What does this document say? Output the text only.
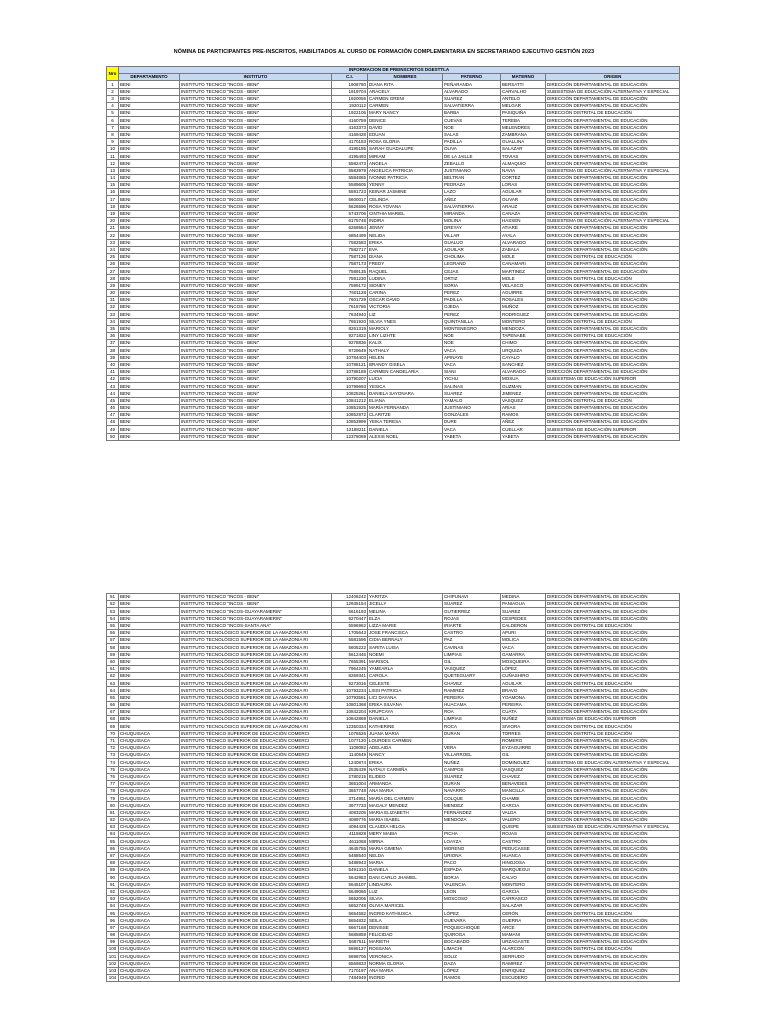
NÓMINA DE PARTICIPANTES PRE-INSCRITOS, HABILITADOS AL CURSO DE FORMACIÓN COMPLEMENTARIA EN SECRETARIADO EJECUTIVO GESTIÓN 2023
Nro	INFORMACION DE PREINSCRITOS DGESTTLA						
	DEPARTAMENTO	INSTITUTO	C.I.	NOMBRES	PATERNO	MATERNO	ORIGEN
1	BENI	INSTITUTO TECNICO "INCOS - BENI"	1908780	DIANA RITA	PEÑARANDA	BERSATTI	DIRECCIÓN DEPARTAMENTAL DE EDUCACIÓN
2	BENI	INSTITUTO TECNICO "INCOS - BENI"	1919704	ARACELY	ALVARADO	CARVALHO	SUBSISTEMA DE EDUCACIÓN ALTERNATIVA Y ESPECIAL
3	BENI	INSTITUTO TECNICO "INCOS - BENI"	1920055	CARMEN GRENI	SUAREZ	ANTELO	DIRECCIÓN DEPARTAMENTAL DE EDUCACIÓN
4	BENI	INSTITUTO TECNICO "INCOS - BENI"	1920112	CARMEN	SALVATIERRA	MELGAR	DIRECCIÓN DEPARTAMENTAL DE EDUCACIÓN
5	BENI	INSTITUTO TECNICO "INCOS - BENI"	1922106	MARY NANCY	BARBA	PASIQUIÑA	DIRECCIÓN DISTRITAL DE EDUCACIÓN
6	BENI	INSTITUTO TECNICO "INCOS - BENI"	4160759	DENICE	CUEVAS	TEREBA	DIRECCIÓN DEPARTAMENTAL DE EDUCACIÓN
7	BENI	INSTITUTO TECNICO "INCOS - BENI"	4163373	DAVID	NOE	MELENDRES	DIRECCIÓN DEPARTAMENTAL DE EDUCACIÓN
8	BENI	INSTITUTO TECNICO "INCOS - BENI"	4169428	EDUAN	SALAS	ZAMBRANA	DIRECCIÓN DEPARTAMENTAL DE EDUCACIÓN
9	BENI	INSTITUTO TECNICO "INCOS - BENI"	4170153	ROSA GLORIA	PADILLA	GUALLINA	DIRECCIÓN DEPARTAMENTAL DE EDUCACIÓN
10	BENI	INSTITUTO TECNICO "INCOS - BENI"	4195155	SARAH GUADALUPE	OLIVA	SALAZAR	DIRECCIÓN DEPARTAMENTAL DE EDUCACIÓN
11	BENI	INSTITUTO TECNICO "INCOS - BENI"	4195493	MIRIAM	DE LA JAILLE	TOVIAS	DIRECCIÓN DEPARTAMENTAL DE EDUCACIÓN
12	BENI	INSTITUTO TECNICO "INCOS - BENI"	5582473	ANGELA	ZEBALLO	ALMAQUIO	DIRECCIÓN DEPARTAMENTAL DE EDUCACIÓN
13	BENI	INSTITUTO TECNICO "INCOS - BENI"	5583979	ANGELICA PATRICIA	JUSTINIANO	NAVIA	SUBSISTEMA DE EDUCACIÓN ALTERNATIVA Y ESPECIAL
14	BENI	INSTITUTO TECNICO "INCOS - BENI"	5584865	IVONNE PATRICIA	BELTRAN	CORTEZ	DIRECCIÓN DEPARTAMENTAL DE EDUCACIÓN
15	BENI	INSTITUTO TECNICO "INCOS - BENI"	5589605	YENNY	PEDRAZA	LORAS	DIRECCIÓN DEPARTAMENTAL DE EDUCACIÓN
16	BENI	INSTITUTO TECNICO "INCOS - BENI"	5591723	KEINAR JASMINE	LAZO	AGUILAR	DIRECCIÓN DEPARTAMENTAL DE EDUCACIÓN
17	BENI	INSTITUTO TECNICO "INCOS - BENI"	5600017	CELINDA	AÑEZ	OLIVAR	DIRECCIÓN DEPARTAMENTAL DE EDUCACIÓN
18	BENI	INSTITUTO TECNICO "INCOS - BENI"	5626596	ROSA YOVANA	SALVATIERRA	ARAUZ	DIRECCIÓN DEPARTAMENTAL DE EDUCACIÓN
19	BENI	INSTITUTO TECNICO "INCOS - BENI"	5743706	CINTHIA MARIEL	MIRANDA	CANAZA	DIRECCIÓN DEPARTAMENTAL DE EDUCACIÓN
20	BENI	INSTITUTO TECNICO "INCOS - BENI"	6175748	INDIRA	MOLINA	HASSEN	SUBSISTEMA DE EDUCACIÓN ALTERNATIVA Y ESPECIAL
21	BENI	INSTITUTO TECNICO "INCOS - BENI"	6269564	JENNY	DREYAY	ATIARE	DIRECCIÓN DEPARTAMENTAL DE EDUCACIÓN
22	BENI	INSTITUTO TECNICO "INCOS - BENI"	6854499	NELIDA	VILLAR	AYALA	DIRECCIÓN DEPARTAMENTAL DE EDUCACIÓN
23	BENI	INSTITUTO TECNICO "INCOS - BENI"	7582583	ERIKA	GUALUO	ALVARADO	DIRECCIÓN DEPARTAMENTAL DE EDUCACIÓN
24	BENI	INSTITUTO TECNICO "INCOS - BENI"	7582717	EVA	AGUILAR	ZABALA	DIRECCIÓN DEPARTAMENTAL DE EDUCACIÓN
25	BENI	INSTITUTO TECNICO "INCOS - BENI"	7587126	DIANA	CHOLIMA	MOLE	DIRECCIÓN DISTRITAL DE EDUCACIÓN
26	BENI	INSTITUTO TECNICO "INCOS - BENI"	7587173	FREDY	LEGRAND	CANAMARI	DIRECCIÓN DEPARTAMENTAL DE EDUCACIÓN
27	BENI	INSTITUTO TECNICO "INCOS - BENI"	7589135	RAQUEL	CEJAS	MARTINEZ	DIRECCIÓN DEPARTAMENTAL DE EDUCACIÓN
28	BENI	INSTITUTO TECNICO "INCOS - BENI"	7591230	LUDINA	ORTIZ	MOLE	DIRECCIÓN DISTRITAL DE EDUCACIÓN
29	BENI	INSTITUTO TECNICO "INCOS - BENI"	7599172	SIDNEY	SORIA	VELASCO	DIRECCIÓN DEPARTAMENTAL DE EDUCACIÓN
30	BENI	INSTITUTO TECNICO "INCOS - BENI"	7601128	CARINA	PEREZ	AGUIRRE	DIRECCIÓN DEPARTAMENTAL DE EDUCACIÓN
31	BENI	INSTITUTO TECNICO "INCOS - BENI"	7601729	OSCAR DAVID	PADILLA	ROSALES	DIRECCIÓN DEPARTAMENTAL DE EDUCACIÓN
32	BENI	INSTITUTO TECNICO "INCOS - BENI"	7618786	VICTORIA	OJEDA	MUÑOZ	DIRECCIÓN DEPARTAMENTAL DE EDUCACIÓN
33	BENI	INSTITUTO TECNICO "INCOS - BENI"	7634940	LIZ	PEREZ	RODRIGUEZ	DIRECCIÓN DEPARTAMENTAL DE EDUCACIÓN
34	BENI	INSTITUTO TECNICO "INCOS - BENI"	7651920	SILVIA YNES	QUINTANILLA	MONTERO	DIRECCIÓN DISTRITAL DE EDUCACIÓN
35	BENI	INSTITUTO TECNICO "INCOS - BENI"	8261319	MARIOLY	MONTENEGRO	MENDOZA	DIRECCIÓN DEPARTAMENTAL DE EDUCACIÓN
36	BENI	INSTITUTO TECNICO "INCOS - BENI"	9271822	LINY LIZHTE	NOE	TAPENABE	DIRECCIÓN DISTRITAL DE EDUCACIÓN
37	BENI	INSTITUTO TECNICO "INCOS - BENI"	9278836	KALIX	NOE	CHIMO	DIRECCIÓN DEPARTAMENTAL DE EDUCACIÓN
38	BENI	INSTITUTO TECNICO "INCOS - BENI"	9729649	NATHALY	VACA	URQUIZA	DIRECCIÓN DEPARTAMENTAL DE EDUCACIÓN
39	BENI	INSTITUTO TECNICO "INCOS - BENI"	10784403	HELEN	APINAYE	CAYALO	DIRECCIÓN DEPARTAMENTAL DE EDUCACIÓN
40	BENI	INSTITUTO TECNICO "INCOS - BENI"	10788121	BRANDY GISELA	VACA	SANCHEZ	DIRECCIÓN DEPARTAMENTAL DE EDUCACIÓN
41	BENI	INSTITUTO TECNICO "INCOS - BENI"	10788189	CARMEN CANDELARIA	SIANI	ALVARADO	DIRECCIÓN DEPARTAMENTAL DE EDUCACIÓN
42	BENI	INSTITUTO TECNICO "INCOS - BENI"	10790207	LUCIA	YICHU	MOSUA	SUBSISTEMA DE EDUCACIÓN SUPERIOR
43	BENI	INSTITUTO TECNICO "INCOS - BENI"	10799693	YESICA	SALINAS	GUZMAN	DIRECCIÓN DEPARTAMENTAL DE EDUCACIÓN
44	BENI	INSTITUTO TECNICO "INCOS - BENI"	10825261	DANIELA SAYONARA	SUAREZ	JIMENEZ	DIRECCIÓN DEPARTAMENTAL DE EDUCACIÓN
45	BENI	INSTITUTO TECNICO "INCOS - BENI"	10841212	ELIANA	YAMALO	VASQUEZ	DIRECCIÓN DISTRITAL DE EDUCACIÓN
46	BENI	INSTITUTO TECNICO "INCOS - BENI"	10851925	MARÍA FERNANDA	JUSTINIANO	ARIAS	DIRECCIÓN DEPARTAMENTAL DE EDUCACIÓN
47	BENI	INSTITUTO TECNICO "INCOS - BENI"	10852972	CLARITZE	GONZÁLES	RAMOS	DIRECCIÓN DEPARTAMENTAL DE EDUCACIÓN
48	BENI	INSTITUTO TECNICO "INCOS - BENI"	10853999	YEIKA TERESA	DURE	AÑEZ	DIRECCIÓN DEPARTAMENTAL DE EDUCACIÓN
49	BENI	INSTITUTO TECNICO "INCOS - BENI"	12188211	DANIELA	VACA	CUELLAR	SUBSISTEMA DE EDUCACIÓN SUPERIOR
50	BENI	INSTITUTO TECNICO "INCOS - BENI"	12378069	ALEXIS NOEL	YABETA	YABETA	DIRECCIÓN DEPARTAMENTAL DE EDUCACIÓN
51	BENI	INSTITUTO TECNICO "INCOS - BENI"	12408242	YARITZA	CHIPUNAVI	MEDINA	DIRECCIÓN DEPARTAMENTAL DE EDUCACIÓN
52	BENI	INSTITUTO TECNICO "INCOS - BENI"	12935154	JICELLY	SUAREZ	PANIAGUA	DIRECCIÓN DEPARTAMENTAL DE EDUCACIÓN
53	BENI	INSTITUTO TECNICO "INCOS-GUAYARAMERIN"	5616193	MELINA	GUTIERREZ	SUAREZ	DIRECCIÓN DEPARTAMENTAL DE EDUCACIÓN
54	BENI	INSTITUTO TECNICO "INCOS-GUAYARAMERIN"	9270447	ELZA	ROJAS	CESPEDES	DIRECCIÓN DEPARTAMENTAL DE EDUCACIÓN
55	BENI	INSTITUTO TECNICO "INCOS-SANTA ANA"	5596962	LIZZA MARIE	IRIARTE	CALDERON	DIRECCIÓN DISTRITAL DE EDUCACIÓN
56	BENI	INSTITUTO TECNOLÓGICO SUPERIOR DE LA AMAZONIA RI	1705643	JOSE FRANCISCA	CASTRO	APURI	DIRECCIÓN DEPARTAMENTAL DE EDUCACIÓN
57	BENI	INSTITUTO TECNOLÓGICO SUPERIOR DE LA AMAZONIA RI	5581596	CIDIA BERNALY	PAZ	MOLICA	DIRECCIÓN DEPARTAMENTAL DE EDUCACIÓN
58	BENI	INSTITUTO TECNOLÓGICO SUPERIOR DE LA AMAZONIA RI	5605222	SARITA LUISA	CAVINAS	VACA	DIRECCIÓN DEPARTAMENTAL DE EDUCACIÓN
59	BENI	INSTITUTO TECNOLÓGICO SUPERIOR DE LA AMAZONIA RI	5612446	NOEMI	LIMPIAS	GAMARRA	DIRECCIÓN DEPARTAMENTAL DE EDUCACIÓN
60	BENI	INSTITUTO TECNOLÓGICO SUPERIOR DE LA AMAZONIA RI	7655391	MARISOL	GIL	MOSQUEIRA	DIRECCIÓN DEPARTAMENTAL DE EDUCACIÓN
61	BENI	INSTITUTO TECNOLÓGICO SUPERIOR DE LA AMAZONIA RI	7964245	YAMEARLA	VASQUEZ	LÓPEZ	DIRECCIÓN DEPARTAMENTAL DE EDUCACIÓN
62	BENI	INSTITUTO TECNOLÓGICO SUPERIOR DE LA AMAZONIA RI	8269341	CAROLA	QUETEGUARY	CUÑASHIRO	DIRECCIÓN DEPARTAMENTAL DE EDUCACIÓN
63	BENI	INSTITUTO TECNOLÓGICO SUPERIOR DE LA AMAZONIA RI	9273016	CELESTE	CHAVEZ	AGUILAR	DIRECCIÓN DISTRITAL DE EDUCACIÓN
64	BENI	INSTITUTO TECNOLÓGICO SUPERIOR DE LA AMAZONIA RI	10793234	LISSI PATRICIA	RAMIREZ	BRAVO	DIRECCIÓN DEPARTAMENTAL DE EDUCACIÓN
65	BENI	INSTITUTO TECNOLÓGICO SUPERIOR DE LA AMAZONIA RI	10793561	LICI DAYANA	PEREIRA	YOAMONA	DIRECCIÓN DEPARTAMENTAL DE EDUCACIÓN
66	BENI	INSTITUTO TECNOLÓGICO SUPERIOR DE LA AMAZONIA RI	10801368	ERIKA SILVANA	HUACAMA	PEREIRA	DIRECCIÓN DEPARTAMENTAL DE EDUCACIÓN
67	BENI	INSTITUTO TECNOLÓGICO SUPERIOR DE LA AMAZONIA RI	10842204	KRUPCAYA	ROA	CUATA	DIRECCIÓN DEPARTAMENTAL DE EDUCACIÓN
68	BENI	INSTITUTO TECNOLÓGICO SUPERIOR DE LA AMAZONIA RI	10842869	DANIELA	LIMPIAS	NUÑEZ	SUBSISTEMA DE EDUCACIÓN SUPERIOR
69	BENI	INSTITUTO TECNOLÓGICO SUPERIOR DE LA AMAZONIA RI	12350334	KATHERINE	ROCA	SIVIORA	DIRECCIÓN DISTRITAL DE EDUCACIÓN
70	CHUQUISACA	INSTITUTO TÉCNICO SUPERIOR DE EDUCACIÓN COMERCI	1076526	JUANA MARIA	DURAN	TORRES	DIRECCIÓN DISTRITAL DE EDUCACIÓN
71	CHUQUISACA	INSTITUTO TÉCNICO SUPERIOR DE EDUCACIÓN COMERCI	1077120	LOURDES CARMEN		ROMERO	DIRECCIÓN DEPARTAMENTAL DE EDUCACIÓN
72	CHUQUISACA	INSTITUTO TÉCNICO SUPERIOR DE EDUCACIÓN COMERCI	1109082	ADELAIDA	VERA	EYZAGUIRRE	DIRECCIÓN DEPARTAMENTAL DE EDUCACIÓN
73	CHUQUISACA	INSTITUTO TÉCNICO SUPERIOR DE EDUCACIÓN COMERCI	1140549	NANCY	VILLARROEL	GIL	DIRECCIÓN DEPARTAMENTAL DE EDUCACIÓN
74	CHUQUISACA	INSTITUTO TÉCNICO SUPERIOR DE EDUCACIÓN COMERCI	1240874	ERIKA	NUÑEZ	DOMINGUEZ	SUBSISTEMA DE EDUCACIÓN ALTERNATIVA Y ESPECIAL
75	CHUQUISACA	INSTITUTO TÉCNICO SUPERIOR DE EDUCACIÓN COMERCI	2535439	NATALY CARMIÑA	CAMPOS	VASQUEZ	DIRECCIÓN DEPARTAMENTAL DE EDUCACIÓN
76	CHUQUISACA	INSTITUTO TÉCNICO SUPERIOR DE EDUCACIÓN COMERCI	2780215	ELIDEO	SUAREZ	CHAVEZ	DIRECCIÓN DEPARTAMENTAL DE EDUCACIÓN
77	CHUQUISACA	INSTITUTO TÉCNICO SUPERIOR DE EDUCACIÓN COMERCI	3651004	ARMANDA	DURAN	BENAVIDES	DIRECCIÓN DEPARTAMENTAL DE EDUCACIÓN
78	CHUQUISACA	INSTITUTO TÉCNICO SUPERIOR DE EDUCACIÓN COMERCI	3657748	ANA MARIA	NAVARRO	MANCILLA	DIRECCIÓN DEPARTAMENTAL DE EDUCACIÓN
79	CHUQUISACA	INSTITUTO TÉCNICO SUPERIOR DE EDUCACIÓN COMERCI	3714951	MARÍA DEL CARMEN	COLQUE	CHAMBI	DIRECCIÓN DEPARTAMENTAL DE EDUCACIÓN
80	CHUQUISACA	INSTITUTO TÉCNICO SUPERIOR DE EDUCACIÓN COMERCI	3977733	MAGALY MENDEZ	MENDEZ	GARCIA	DIRECCIÓN DEPARTAMENTAL DE EDUCACIÓN
81	CHUQUISACA	INSTITUTO TÉCNICO SUPERIOR DE EDUCACIÓN COMERCI	4083205	MARIA ELIZABETH	FERNÁNDEZ	VALDA	DIRECCIÓN DEPARTAMENTAL DE EDUCACIÓN
82	CHUQUISACA	INSTITUTO TÉCNICO SUPERIOR DE EDUCACIÓN COMERCI	4089776	MARIA ISABEL	MENDOZA	VALERO	DIRECCIÓN DEPARTAMENTAL DE EDUCACIÓN
83	CHUQUISACA	INSTITUTO TÉCNICO SUPERIOR DE EDUCACIÓN COMERCI	4094428	CLAUDIA HELGA		QUISPE	SUBSISTEMA DE EDUCACIÓN ALTERNATIVA Y ESPECIAL
84	CHUQUISACA	INSTITUTO TÉCNICO SUPERIOR DE EDUCACIÓN COMERCI	4115828	MERY MABIA	PICHA	ROJAS	DIRECCIÓN DEPARTAMENTAL DE EDUCACIÓN
85	CHUQUISACA	INSTITUTO TÉCNICO SUPERIOR DE EDUCACIÓN COMERCI	4611068	MIRNA	LOAYZA	CASTRO	DIRECCIÓN DEPARTAMENTAL DE EDUCACIÓN
86	CHUQUISACA	INSTITUTO TÉCNICO SUPERIOR DE EDUCACIÓN COMERCI	4645755	MARIA GIMENA	MORENO	PEDUCASSE	DIRECCIÓN DEPARTAMENTAL DE EDUCACIÓN
87	CHUQUISACA	INSTITUTO TÉCNICO SUPERIOR DE EDUCACIÓN COMERCI	5488540	NELDA	URIONA	HUANCA	DIRECCIÓN DEPARTAMENTAL DE EDUCACIÓN
88	CHUQUISACA	INSTITUTO TÉCNICO SUPERIOR DE EDUCACIÓN COMERCI	5488943	MARIA	PACO	HINOJOSA	DIRECCIÓN DEPARTAMENTAL DE EDUCACIÓN
89	CHUQUISACA	INSTITUTO TÉCNICO SUPERIOR DE EDUCACIÓN COMERCI	5491310	DANIELA	ESPADA	MARQUEGUI	DIRECCIÓN DEPARTAMENTAL DE EDUCACIÓN
90	CHUQUISACA	INSTITUTO TÉCNICO SUPERIOR DE EDUCACIÓN COMERCI	5642953	DANI CARLO JHAMIEL	BORJA	CALVO	DIRECCIÓN DEPARTAMENTAL DE EDUCACIÓN
91	CHUQUISACA	INSTITUTO TÉCNICO SUPERIOR DE EDUCACIÓN COMERCI	5645107	LINDAURA	VALENCIA	MONTERO	DIRECCIÓN DEPARTAMENTAL DE EDUCACIÓN
92	CHUQUISACA	INSTITUTO TÉCNICO SUPERIOR DE EDUCACIÓN COMERCI	5649066	LUZ	LEON	GARCIA	DIRECCIÓN DEPARTAMENTAL DE EDUCACIÓN
93	CHUQUISACA	INSTITUTO TÉCNICO SUPERIOR DE EDUCACIÓN COMERCI	5652006	SILVIA	MOSCOSO	CARRASCO	DIRECCIÓN DEPARTAMENTAL DE EDUCACIÓN
94	CHUQUISACA	INSTITUTO TÉCNICO SUPERIOR DE EDUCACIÓN COMERCI	5652748	OLIVIA MARICEL		SALAZAR	DIRECCIÓN DEPARTAMENTAL DE EDUCACIÓN
95	CHUQUISACA	INSTITUTO TÉCNICO SUPERIOR DE EDUCACIÓN COMERCI	5654582	INGRID KATHIUSCA	LÓPEZ	CERÓN	DIRECCIÓN DISTRITAL DE EDUCACIÓN
96	CHUQUISACA	INSTITUTO TÉCNICO SUPERIOR DE EDUCACIÓN COMERCI	5654832	SEILA	GUEVARA	GUERRA	DIRECCIÓN DEPARTAMENTAL DE EDUCACIÓN
97	CHUQUISACA	INSTITUTO TÉCNICO SUPERIOR DE EDUCACIÓN COMERCI	5667168	DENISSE	POQUECHOQUE	ARCE	DIRECCIÓN DEPARTAMENTAL DE EDUCACIÓN
98	CHUQUISACA	INSTITUTO TÉCNICO SUPERIOR DE EDUCACIÓN COMERCI	5685859	FELICIDAD	QUIROGA	MAMANI	DIRECCIÓN DEPARTAMENTAL DE EDUCACIÓN
99	CHUQUISACA	INSTITUTO TÉCNICO SUPERIOR DE EDUCACIÓN COMERCI	5687511	MARIETH	BOCABADO	URZAGASTE	DIRECCIÓN DEPARTAMENTAL DE EDUCACIÓN
100	CHUQUISACA	INSTITUTO TÉCNICO SUPERIOR DE EDUCACIÓN COMERCI	5695127	ROSSANA	LIMACHI	ALARCON	DIRECCIÓN DISTRITAL DE EDUCACIÓN
101	CHUQUISACA	INSTITUTO TÉCNICO SUPERIOR DE EDUCACIÓN COMERCI	5698706	VERONICA	SOLIZ	SERRUDO	DIRECCIÓN DEPARTAMENTAL DE EDUCACIÓN
102	CHUQUISACA	INSTITUTO TÉCNICO SUPERIOR DE EDUCACIÓN COMERCI	6569833	NORMA GLORIA	DAZA	RAMIREZ	DIRECCIÓN DEPARTAMENTAL DE EDUCACIÓN
103	CHUQUISACA	INSTITUTO TÉCNICO SUPERIOR DE EDUCACIÓN COMERCI	7170197	ANA MARIA	LÓPEZ	ENRIQUEZ	DIRECCIÓN DEPARTAMENTAL DE EDUCACIÓN
104	CHUQUISACA	INSTITUTO TÉCNICO SUPERIOR DE EDUCACIÓN COMERCI	7484949	INGRID	RAMOS	ESCUDERO	DIRECCIÓN DEPARTAMENTAL DE EDUCACIÓN
